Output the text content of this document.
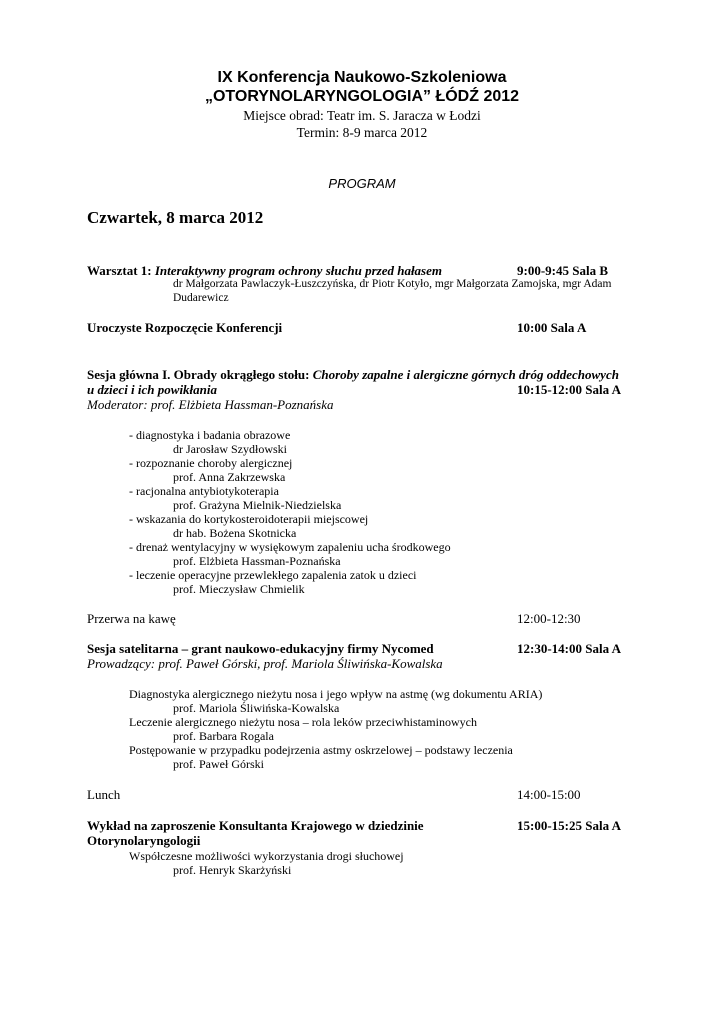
IX Konferencja Naukowo-Szkoleniowa
„OTORYNOLARYNGOLOGIA” ŁÓDŹ 2012
Miejsce obrad: Teatr im. S. Jaracza w Łodzi
Termin: 8-9 marca 2012
PROGRAM
Czwartek, 8 marca 2012
Warsztat 1: Interaktywny program ochrony słuchu przed hałasem	9:00-9:45 Sala B
dr Małgorzata Pawlaczyk-Łuszczyńska, dr Piotr Kotyło, mgr Małgorzata Zamojska, mgr Adam
Dudarewicz
Uroczyste Rozpoczęcie Konferencji	10:00 Sala A
Sesja główna I. Obrady okrągłego stołu: Choroby zapalne i alergiczne górnych dróg oddechowych
u dzieci i ich powikłania	10:15-12:00 Sala A
Moderator: prof. Elżbieta Hassman-Poznańska
- diagnostyka i badania obrazowe
dr Jarosław Szydłowski
- rozpoznanie choroby alergicznej
prof. Anna Zakrzewska
- racjonalna antybiotykoterapia
prof. Grażyna Mielnik-Niedzielska
- wskazania do kortykosteroidoterapii miejscowej
dr hab. Bożena Skotnicka
- drenaż wentylacyjny w wysiękowym zapaleniu ucha środkowego
prof. Elżbieta Hassman-Poznańska
- leczenie operacyjne przewlekłego zapalenia zatok u dzieci
prof. Mieczysław Chmielik
Przerwa na kawę	12:00-12:30
Sesja satelitarna – grant naukowo-edukacyjny firmy Nycomed	12:30-14:00 Sala A
Prowadzący: prof. Paweł Górski, prof. Mariola Śliwińska-Kowalska
Diagnostyka alergicznego nieżytu nosa i jego wpływ na astmę (wg dokumentu ARIA)
prof. Mariola Śliwińska-Kowalska
Leczenie alergicznego nieżytu nosa – rola leków przeciwhistaminowych
prof. Barbara Rogala
Postępowanie w przypadku podejrzenia astmy oskrzelowej – podstawy leczenia
prof. Paweł Górski
Lunch	14:00-15:00
Wykład na zaproszenie Konsultanta Krajowego w dziedzinie	15:00-15:25 Sala A
Otorynolaryngologii
Współczesne możliwości wykorzystania drogi słuchowej
prof. Henryk Skarżyński
